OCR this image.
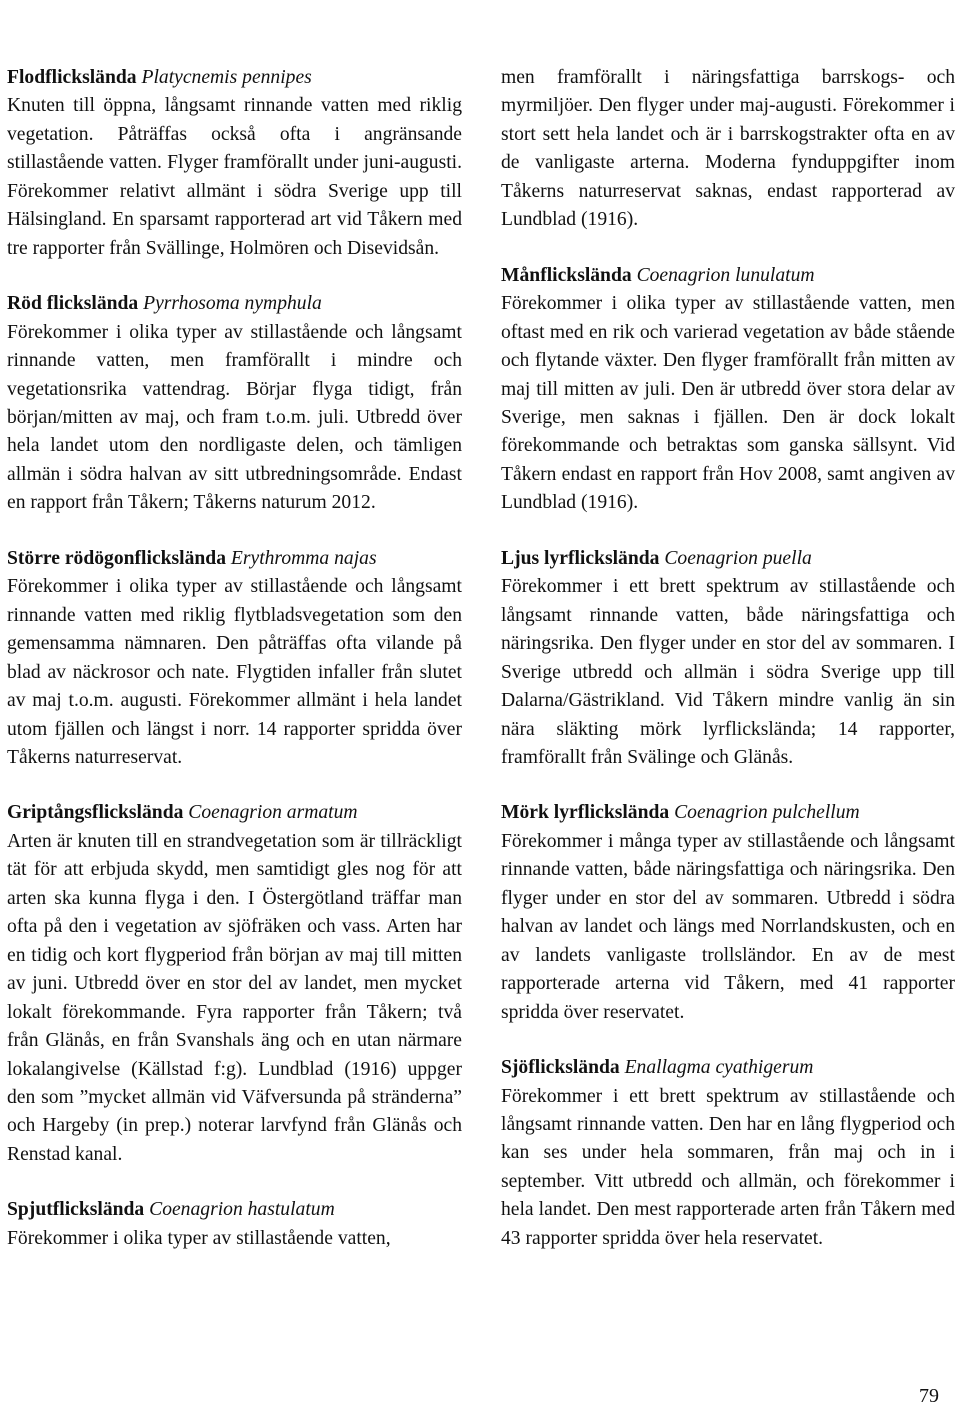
Flodflickslända Platycnemis pennipes
Knuten till öppna, långsamt rinnande vatten med riklig vegetation. Påträffas också ofta i angränsande stillastående vatten. Flyger framförallt under juni-augusti. Förekommer relativt allmänt i södra Sverige upp till Hälsingland. En sparsamt rapporterad art vid Tåkern med tre rapporter från Svällinge, Holmören och Disevidsån.

Röd flickslända Pyrrhosoma nymphula
Förekommer i olika typer av stillastående och långsamt rinnande vatten, men framförallt i mindre och vegetationsrika vattendrag. Börjar flyga tidigt, från början/mitten av maj, och fram t.o.m. juli. Utbredd över hela landet utom den nordligaste delen, och tämligen allmän i södra halvan av sitt utbredningsområde. Endast en rapport från Tåkern; Tåkerns naturum 2012.

Större rödögonflickslända Erythromma najas
Förekommer i olika typer av stillastående och långsamt rinnande vatten med riklig flytbladsvegetation som den gemensamma nämnaren. Den påträffas ofta vilande på blad av näckrosor och nate. Flygtiden infaller från slutet av maj t.o.m. augusti. Förekommer allmänt i hela landet utom fjällen och längst i norr. 14 rapporter spridda över Tåkerns naturreservat.

Griptångsflickslända Coenagrion armatum
Arten är knuten till en strandvegetation som är tillräckligt tät för att erbjuda skydd, men samtidigt gles nog för att arten ska kunna flyga i den. I Östergötland träffar man ofta på den i vegetation av sjöfräken och vass. Arten har en tidig och kort flygperiod från början av maj till mitten av juni. Utbredd över en stor del av landet, men mycket lokalt förekommande. Fyra rapporter från Tåkern; två från Glänås, en från Svanshals äng och en utan närmare lokalangivelse (Källstad f:g). Lundblad (1916) uppger den som ”mycket allmän vid Väfversunda på stränderna” och Hargeby (in prep.) noterar larvfynd från Glänås och Renstad kanal.

Spjutflickslända Coenagrion hastulatum
Förekommer i olika typer av stillastående vatten,

men framförallt i näringsfattiga barrskogs- och myrmiljöer. Den flyger under maj-augusti. Förekommer i stort sett hela landet och är i barrskogstrakter ofta en av de vanligaste arterna. Moderna fynduppgifter inom Tåkerns naturreservat saknas, endast rapporterad av Lundblad (1916).

Månflickslända Coenagrion lunulatum
Förekommer i olika typer av stillastående vatten, men oftast med en rik och varierad vegetation av både stående och flytande växter. Den flyger framförallt från mitten av maj till mitten av juli. Den är utbredd över stora delar av Sverige, men saknas i fjällen. Den är dock lokalt förekommande och betraktas som ganska sällsynt. Vid Tåkern endast en rapport från Hov 2008, samt angiven av Lundblad (1916).

Ljus lyrflickslända Coenagrion puella
Förekommer i ett brett spektrum av stillastående och långsamt rinnande vatten, både näringsfattiga och näringsrika. Den flyger under en stor del av sommaren. I Sverige utbredd och allmän i södra Sverige upp till Dalarna/Gästrikland. Vid Tåkern mindre vanlig än sin nära släkting mörk lyrflickslända; 14 rapporter, framförallt från Svälinge och Glänås.

Mörk lyrflickslända Coenagrion pulchellum
Förekommer i många typer av stillastående och långsamt rinnande vatten, både näringsfattiga och näringsrika. Den flyger under en stor del av sommaren. Utbredd i södra halvan av landet och längs med Norrlandskusten, och en av landets vanligaste trollsländor. En av de mest rapporterade arterna vid Tåkern, med 41 rapporter spridda över reservatet.

Sjöflickslända Enallagma cyathigerum
Förekommer i ett brett spektrum av stillastående och långsamt rinnande vatten. Den har en lång flygperiod och kan ses under hela sommaren, från maj och in i september. Vitt utbredd och allmän, och förekommer i hela landet. Den mest rapporterade arten från Tåkern med 43 rapporter spridda över hela reservatet.

79
